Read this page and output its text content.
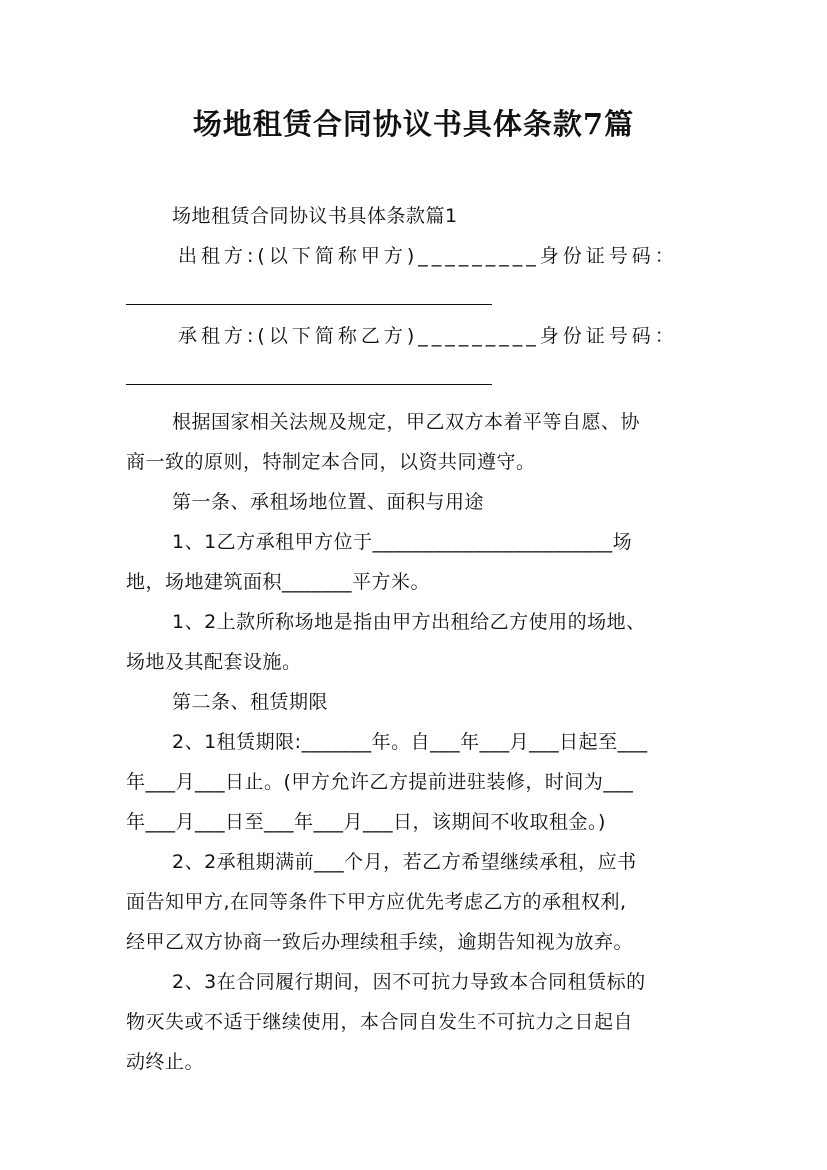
场地租赁合同协议书具体条款7篇
场地租赁合同协议书具体条款篇1
出租方:(以下简称甲方)_________身份证号码：
承租方:(以下简称乙方)_________身份证号码：
根据国家相关法规及规定，甲乙双方本着平等自愿、协
商一致的原则，特制定本合同，以资共同遵守。
第一条、承租场地位置、面积与用途
1、1乙方承租甲方位于________________________场
地，场地建筑面积_______平方米。
1、2上款所称场地是指由甲方出租给乙方使用的场地、
场地及其配套设施。
第二条、租赁期限
2、1租赁期限:_______年。自___年___月___日起至___
年___月___日止。(甲方允许乙方提前进驻装修，时间为___
年___月___日至___年___月___日，该期间不收取租金。)
2、2承租期满前___个月，若乙方希望继续承租，应书
面告知甲方,在同等条件下甲方应优先考虑乙方的承租权利,
经甲乙双方协商一致后办理续租手续，逾期告知视为放弃。
2、3在合同履行期间，因不可抗力导致本合同租赁标的
物灭失或不适于继续使用，本合同自发生不可抗力之日起自
动终止。
